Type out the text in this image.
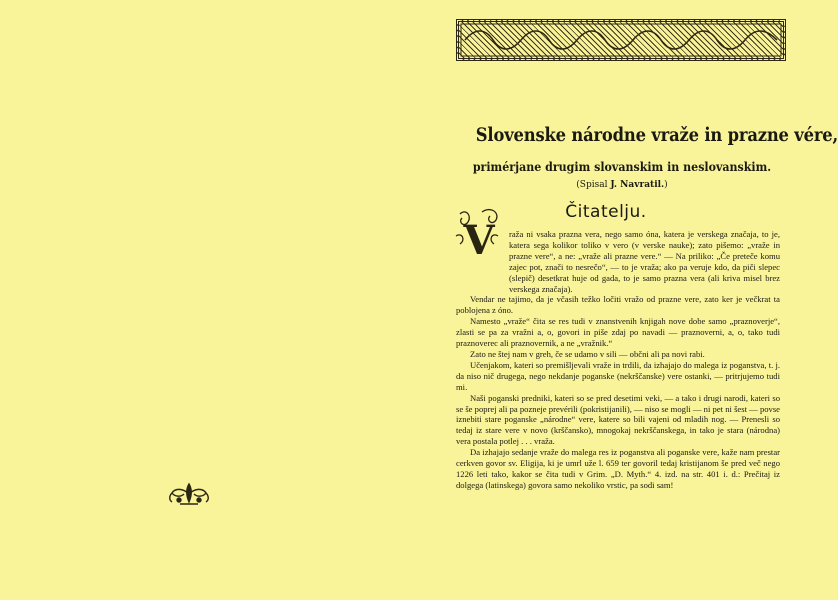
Slovenske národne vraže in prazne vére,
primérjane drugim slovanskim in neslovanskim.
(Spisal J. Navratil.)
Čitatelju.
V	raža ni vsaka prazna vera, nego samo óna, katera je verskega značaja, to je, katera sega kolikor toliko v vero (v verske nauke); zato pišemo: „vraže in prazne vere“, a ne: „vraže ali prazne vere.“ — Na priliko: „Če preteče komu zajec pot, znači to nesrečo“, — to je vraža; ako pa veruje kdo, da piči slepec (slepič) desetkrat huje od gada, to je samo prazna vera (ali kriva misel brez verskega značaja).

Vendar ne tajimo, da je včasih težko ločiti vražo od prazne vere, zato ker je večkrat ta poblojena z óno.

Namesto „vraže“ čita se res tudi v znanstvenih knjigah nove dobe samo „praznoverje“, zlasti se pa za vražni a, o, govori in piše zdaj po navadi — praznoverni, a, o, tako tudi praznoverec ali praznovernik, a ne „vražnik.“

Zato ne štej nam v greh, če se udamo v sili — občni ali pa novi rabi.

Učenjakom, kateri so premišljevali vraže in trdili, da izhajajo do malega iz poganstva, t. j. da niso nič drugega, nego nekdanje poganske (nekrščanske) vere ostanki, — pritrjujemo tudi mi.

Naši poganski predniki, kateri so se pred desetimi veki, — a tako i drugi narodi, kateri so se še poprej ali pa pozneje prevérili (pokristijanili), — niso se mogli — ni pet ni šest — povse iznebiti stare poganske „národne“ vere, katere so bili vajeni od mladih nog. — Prenesli so tedaj iz stare vere v novo (krščansko), mnogokaj nekrščanskega, in tako je stara (národna) vera postala potlej . . . vraža.

Da izhajajo sedanje vraže do malega res iz poganstva ali poganske vere, kaže nam prestar cerkven govor sv. Eligija, ki je umrl uže l. 659 ter govoril tedaj kristijanom še pred več nego 1226 leti tako, kakor se čita tudi v Grim. „D. Myth.“ 4. izd. na str. 401 i. d.: Prečitaj iz dolgega (latinskega) govora samo nekoliko vrstic, pa sodi sam!
